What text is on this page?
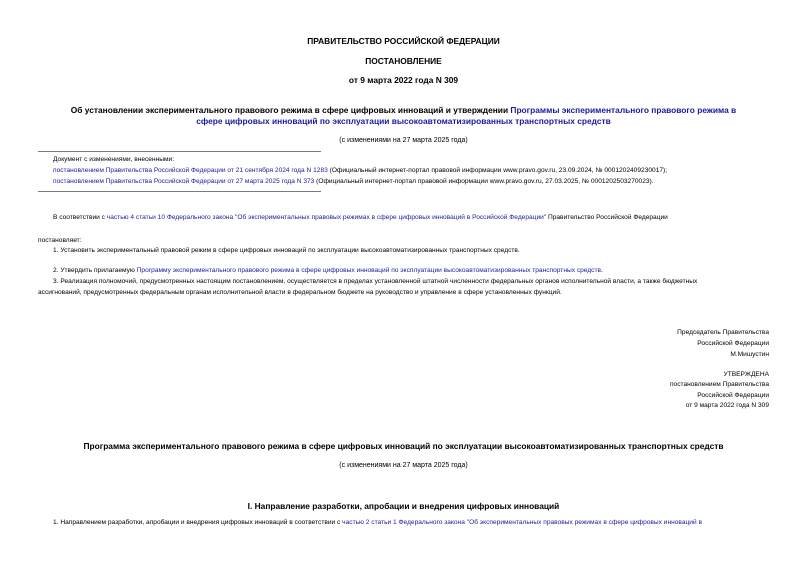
ПРАВИТЕЛЬСТВО РОССИЙСКОЙ ФЕДЕРАЦИИ
ПОСТАНОВЛЕНИЕ
от 9 марта 2022 года N 309
Об установлении экспериментального правового режима в сфере цифровых инноваций и утверждении Программы экспериментального правового режима в
сфере цифровых инноваций по эксплуатации высокоавтоматизированных транспортных средств
(с изменениями на 27 марта 2025 года)
Документ с изменениями, внесенными:
постановлением Правительства Российской Федерации от 21 сентября 2024 года N 1283 (Официальный интернет-портал правовой информации www.pravo.gov.ru, 23.09.2024, № 0001202409230017);
постановлением Правительства Российской Федерации от 27 марта 2025 года N 373 (Официальный интернет-портал правовой информации www.pravo.gov.ru, 27.03.2025, № 0001202503270023).
В соответствии с частью 4 статьи 10 Федерального закона "Об экспериментальных правовых режимах в сфере цифровых инноваций в Российской Федерации" Правительство Российской Федерации
постановляет:
1. Установить экспериментальный правовой режим в сфере цифровых инноваций по эксплуатации высокоавтоматизированных транспортных средств.
2. Утвердить прилагаемую Программу экспериментального правового режима в сфере цифровых инноваций по эксплуатации высокоавтоматизированных транспортных средств.
3. Реализация полномочий, предусмотренных настоящим постановлением, осуществляется в пределах установленной штатной численности федеральных органов исполнительной власти, а также бюджетных
ассигнований, предусмотренных федеральным органам исполнительной власти в федеральном бюджете на руководство и управление в сфере установленных функций.
Председатель Правительства
Российской Федерации
М.Мишустин
УТВЕРЖДЕНА
постановлением Правительства
Российской Федерации
от 9 марта 2022 года N 309
Программа экспериментального правового режима в сфере цифровых инноваций по эксплуатации высокоавтоматизированных транспортных средств
(с изменениями на 27 марта 2025 года)
I. Направление разработки, апробации и внедрения цифровых инноваций
1. Направлением разработки, апробации и внедрения цифровых инноваций в соответствии с частью 2 статьи 1 Федерального закона "Об экспериментальных правовых режимах в сфере цифровых инноваций в
